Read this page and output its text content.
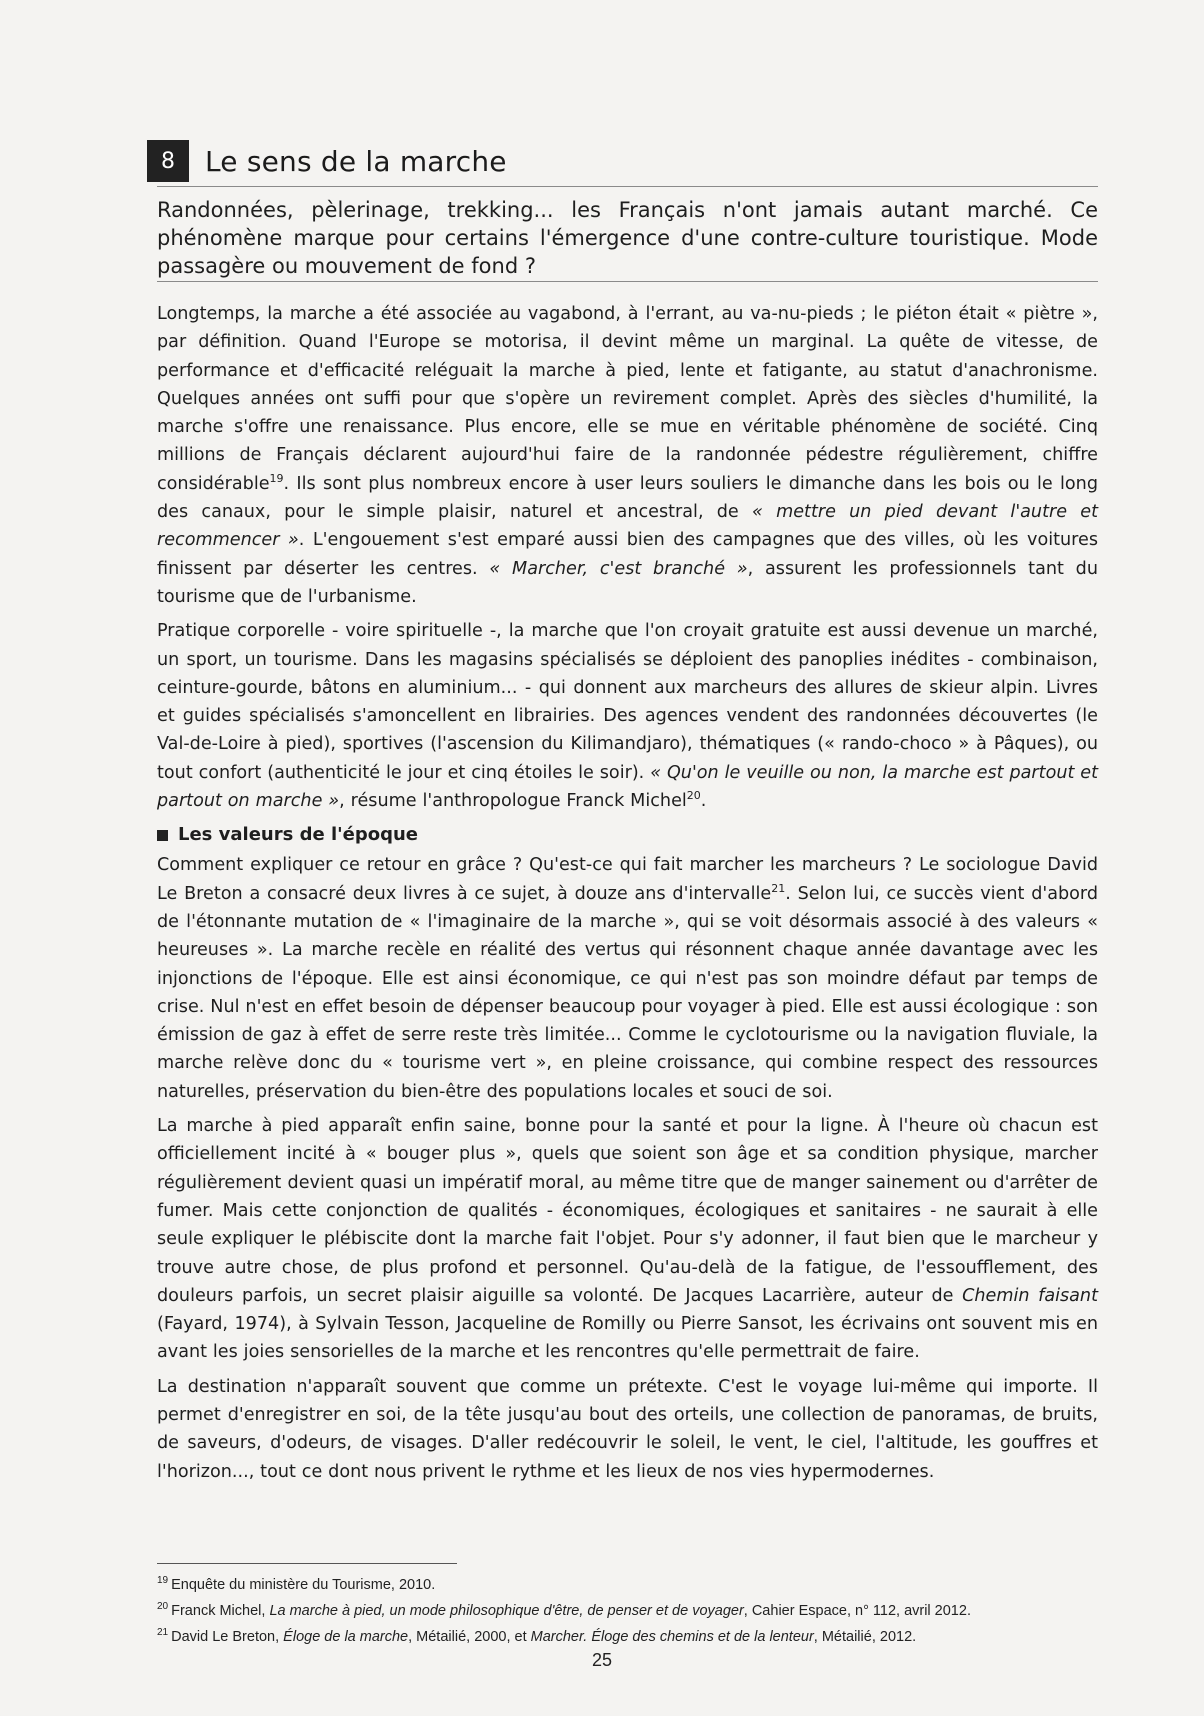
8	Le sens de la marche

Randonnées, pèlerinage, trekking... les Français n'ont jamais autant marché. Ce phénomène marque pour certains l'émergence d'une contre-culture touristique. Mode passagère ou mouvement de fond ?

Longtemps, la marche a été associée au vagabond, à l'errant, au va-nu-pieds ; le piéton était « piètre », par définition. Quand l'Europe se motorisa, il devint même un marginal. La quête de vitesse, de performance et d'efficacité reléguait la marche à pied, lente et fatigante, au statut d'anachronisme. Quelques années ont suffi pour que s'opère un revirement complet. Après des siècles d'humilité, la marche s'offre une renaissance. Plus encore, elle se mue en véritable phénomène de société. Cinq millions de Français déclarent aujourd'hui faire de la randonnée pédestre régulièrement, chiffre considérable$^{19}$. Ils sont plus nombreux encore à user leurs souliers le dimanche dans les bois ou le long des canaux, pour le simple plaisir, naturel et ancestral, de « mettre un pied devant l'autre et recommencer ». L'engouement s'est emparé aussi bien des campagnes que des villes, où les voitures finissent par déserter les centres. « Marcher, c'est branché », assurent les professionnels tant du tourisme que de l'urbanisme.

Pratique corporelle - voire spirituelle -, la marche que l'on croyait gratuite est aussi devenue un marché, un sport, un tourisme. Dans les magasins spécialisés se déploient des panoplies inédites - combinaison, ceinture-gourde, bâtons en aluminium... - qui donnent aux marcheurs des allures de skieur alpin. Livres et guides spécialisés s'amoncellent en librairies. Des agences vendent des randonnées découvertes (le Val-de-Loire à pied), sportives (l'ascension du Kilimandjaro), thématiques (« rando-choco » à Pâques), ou tout confort (authenticité le jour et cinq étoiles le soir). « Qu'on le veuille ou non, la marche est partout et partout on marche », résume l'anthropologue Franck Michel$^{20}$.

Les valeurs de l'époque

Comment expliquer ce retour en grâce ? Qu'est-ce qui fait marcher les marcheurs ? Le sociologue David Le Breton a consacré deux livres à ce sujet, à douze ans d'intervalle$^{21}$. Selon lui, ce succès vient d'abord de l'étonnante mutation de « l'imaginaire de la marche », qui se voit désormais associé à des valeurs « heureuses ». La marche recèle en réalité des vertus qui résonnent chaque année davantage avec les injonctions de l'époque. Elle est ainsi économique, ce qui n'est pas son moindre défaut par temps de crise. Nul n'est en effet besoin de dépenser beaucoup pour voyager à pied. Elle est aussi écologique : son émission de gaz à effet de serre reste très limitée... Comme le cyclotourisme ou la navigation fluviale, la marche relève donc du « tourisme vert », en pleine croissance, qui combine respect des ressources naturelles, préservation du bien-être des populations locales et souci de soi.

La marche à pied apparaît enfin saine, bonne pour la santé et pour la ligne. À l'heure où chacun est officiellement incité à « bouger plus », quels que soient son âge et sa condition physique, marcher régulièrement devient quasi un impératif moral, au même titre que de manger sainement ou d'arrêter de fumer. Mais cette conjonction de qualités - économiques, écologiques et sanitaires - ne saurait à elle seule expliquer le plébiscite dont la marche fait l'objet. Pour s'y adonner, il faut bien que le marcheur y trouve autre chose, de plus profond et personnel. Qu'au-delà de la fatigue, de l'essoufflement, des douleurs parfois, un secret plaisir aiguille sa volonté. De Jacques Lacarrière, auteur de Chemin faisant (Fayard, 1974), à Sylvain Tesson, Jacqueline de Romilly ou Pierre Sansot, les écrivains ont souvent mis en avant les joies sensorielles de la marche et les rencontres qu'elle permettrait de faire.

La destination n'apparaît souvent que comme un prétexte. C'est le voyage lui-même qui importe. Il permet d'enregistrer en soi, de la tête jusqu'au bout des orteils, une collection de panoramas, de bruits, de saveurs, d'odeurs, de visages. D'aller redécouvrir le soleil, le vent, le ciel, l'altitude, les gouffres et l'horizon..., tout ce dont nous privent le rythme et les lieux de nos vies hypermodernes.

$^{19}$ Enquête du ministère du Tourisme, 2010.

$^{20}$ Franck Michel, La marche à pied, un mode philosophique d'être, de penser et de voyager, Cahier Espace, n° 112, avril 2012.

$^{21}$ David Le Breton, Éloge de la marche, Métailié, 2000, et Marcher. Éloge des chemins et de la lenteur, Métailié, 2012.

25
